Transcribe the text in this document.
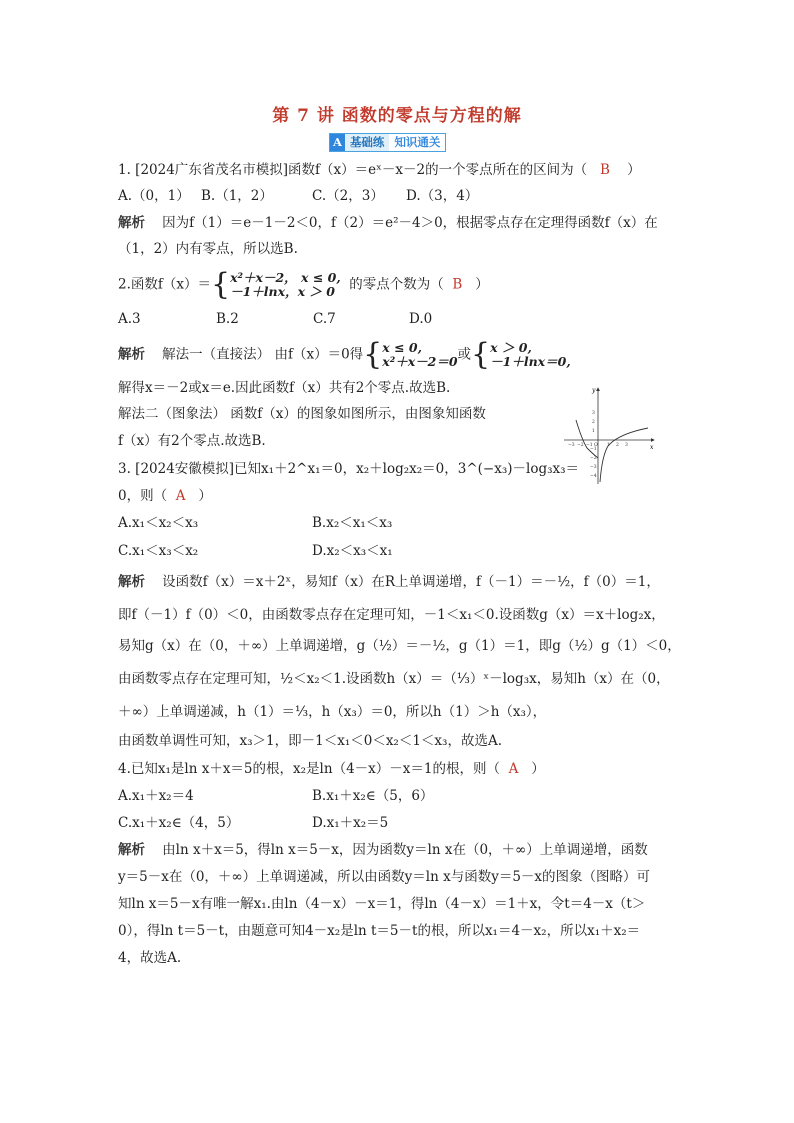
第 7 讲 函数的零点与方程的解
A 基础练 知识通关
1. [2024广东省茂名市模拟]函数f（x）＝eˣ－x－2的一个零点所在的区间为（ B ）
A.（0，1） B.（1，2）	C.（2，3） D.（3，4）
解析 因为f（1）＝e－1－2＜0，f（2）＝e²－4＞0，根据零点存在定理得函数f（x）在
（1，2）内有零点，所以选B.
2.函数f（x）＝{x²＋x－2， x ≤ 0,
－1＋lnx，x ＞ 0 的零点个数为（ B ）
A.3	B.2	C.7	D.0
解析 解法一（直接法） 由f（x）＝0得{x ≤ 0,
x²＋x－2＝0或{x ＞ 0,
－1＋lnx＝0,
解得x＝－2或x＝e.因此函数f（x）共有2个零点.故选B.
解法二（图象法） 函数f（x）的图象如图所示，由图象知函数
f（x）有2个零点.故选B.	x
y
−3 −2 −1 O 1 2 3
3
2
1
−1
−2
−3
−4
3. [2024安徽模拟]已知x₁＋2^x₁＝0，x₂＋log₂x₂＝0，3^(−x₃)－log₃x₃＝
0，则（ A ）
A.x₁＜x₂＜x₃	B.x₂＜x₁＜x₃
C.x₁＜x₃＜x₂	D.x₂＜x₃＜x₁
解析 设函数f（x）＝x＋2ˣ，易知f（x）在R上单调递增，f（－1）＝－½，f（0）＝1，
即f（－1）f（0）＜0，由函数零点存在定理可知，－1＜x₁＜0.设函数g（x）＝x＋log₂x，
易知g（x）在（0，＋∞）上单调递增，g（½）＝－½，g（1）＝1，即g（½）g（1）＜0，
由函数零点存在定理可知，½＜x₂＜1.设函数h（x）＝（⅓）ˣ－log₃x，易知h（x）在（0，
＋∞）上单调递减，h（1）＝⅓，h（x₃）＝0，所以h（1）＞h（x₃），
由函数单调性可知，x₃＞1，即－1＜x₁＜0＜x₂＜1＜x₃，故选A.
4.已知x₁是ln x＋x＝5的根，x₂是ln（4－x）－x＝1的根，则（ A ）
A.x₁＋x₂＝4	B.x₁＋x₂∈（5，6）
C.x₁＋x₂∈（4，5）	D.x₁＋x₂＝5
解析 由ln x＋x＝5，得ln x＝5－x，因为函数y＝ln x在（0，＋∞）上单调递增，函数
y＝5－x在（0，＋∞）上单调递减，所以由函数y＝ln x与函数y＝5－x的图象（图略）可
知ln x＝5－x有唯一解x₁.由ln（4－x）－x＝1，得ln（4－x）＝1＋x，令t＝4－x（t＞
0），得ln t＝5－t，由题意可知4－x₂是ln t＝5－t的根，所以x₁＝4－x₂，所以x₁＋x₂＝
4，故选A.
